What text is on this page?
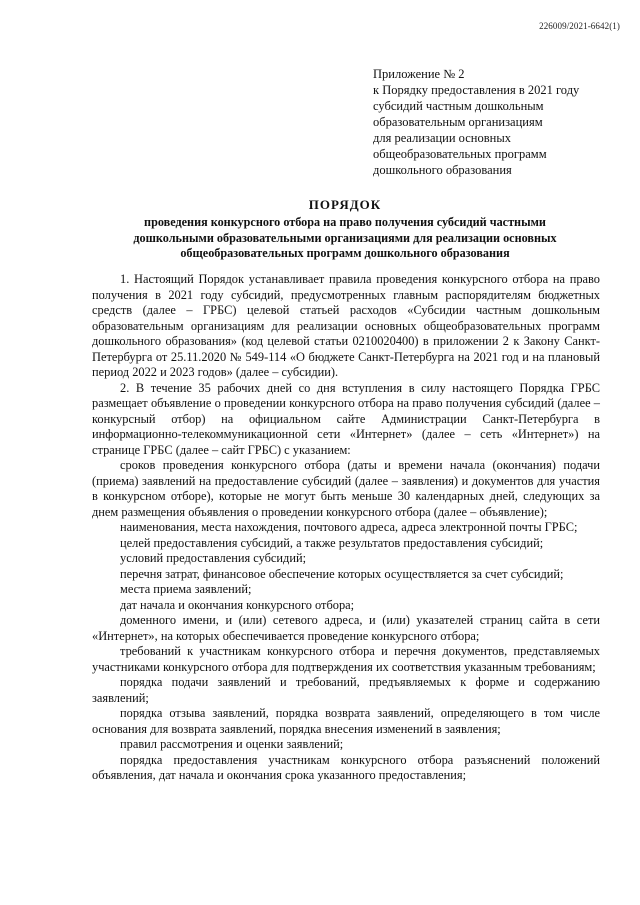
226009/2021-6642(1)
Приложение № 2
к Порядку предоставления в 2021 году
субсидий частным дошкольным
образовательным организациям
для реализации основных
общеобразовательных программ
дошкольного образования
ПОРЯДОК
проведения конкурсного отбора на право получения субсидий частными
дошкольными образовательными организациями для реализации основных
общеобразовательных программ дошкольного образования

1. Настоящий Порядок устанавливает правила проведения конкурсного отбора на право получения в 2021 году субсидий, предусмотренных главным распорядителям бюджетных средств (далее – ГРБС) целевой статьей расходов «Субсидии частным дошкольным образовательным организациям для реализации основных общеобразовательных программ дошкольного образования» (код целевой статьи 0210020400) в приложении 2 к Закону Санкт-Петербурга от 25.11.2020 № 549-114 «О бюджете Санкт-Петербурга на 2021 год и на плановый период 2022 и 2023 годов» (далее – субсидии).

2. В течение 35 рабочих дней со дня вступления в силу настоящего Порядка ГРБС размещает объявление о проведении конкурсного отбора на право получения субсидий (далее – конкурсный отбор) на официальном сайте Администрации Санкт-Петербурга в информационно-телекоммуникационной сети «Интернет» (далее – сеть «Интернет») на странице ГРБС (далее – сайт ГРБС) с указанием:

сроков проведения конкурсного отбора (даты и времени начала (окончания) подачи (приема) заявлений на предоставление субсидий (далее – заявления) и документов для участия в конкурсном отборе), которые не могут быть меньше 30 календарных дней, следующих за днем размещения объявления о проведении конкурсного отбора (далее – объявление);

наименования, места нахождения, почтового адреса, адреса электронной почты ГРБС;

целей предоставления субсидий, а также результатов предоставления субсидий;

условий предоставления субсидий;

перечня затрат, финансовое обеспечение которых осуществляется за счет субсидий;

места приема заявлений;

дат начала и окончания конкурсного отбора;

доменного имени, и (или) сетевого адреса, и (или) указателей страниц сайта в сети «Интернет», на которых обеспечивается проведение конкурсного отбора;

требований к участникам конкурсного отбора и перечня документов, представляемых участниками конкурсного отбора для подтверждения их соответствия указанным требованиям;

порядка подачи заявлений и требований, предъявляемых к форме и содержанию заявлений;

порядка отзыва заявлений, порядка возврата заявлений, определяющего в том числе основания для возврата заявлений, порядка внесения изменений в заявления;

правил рассмотрения и оценки заявлений;

порядка предоставления участникам конкурсного отбора разъяснений положений объявления, дат начала и окончания срока указанного предоставления;
